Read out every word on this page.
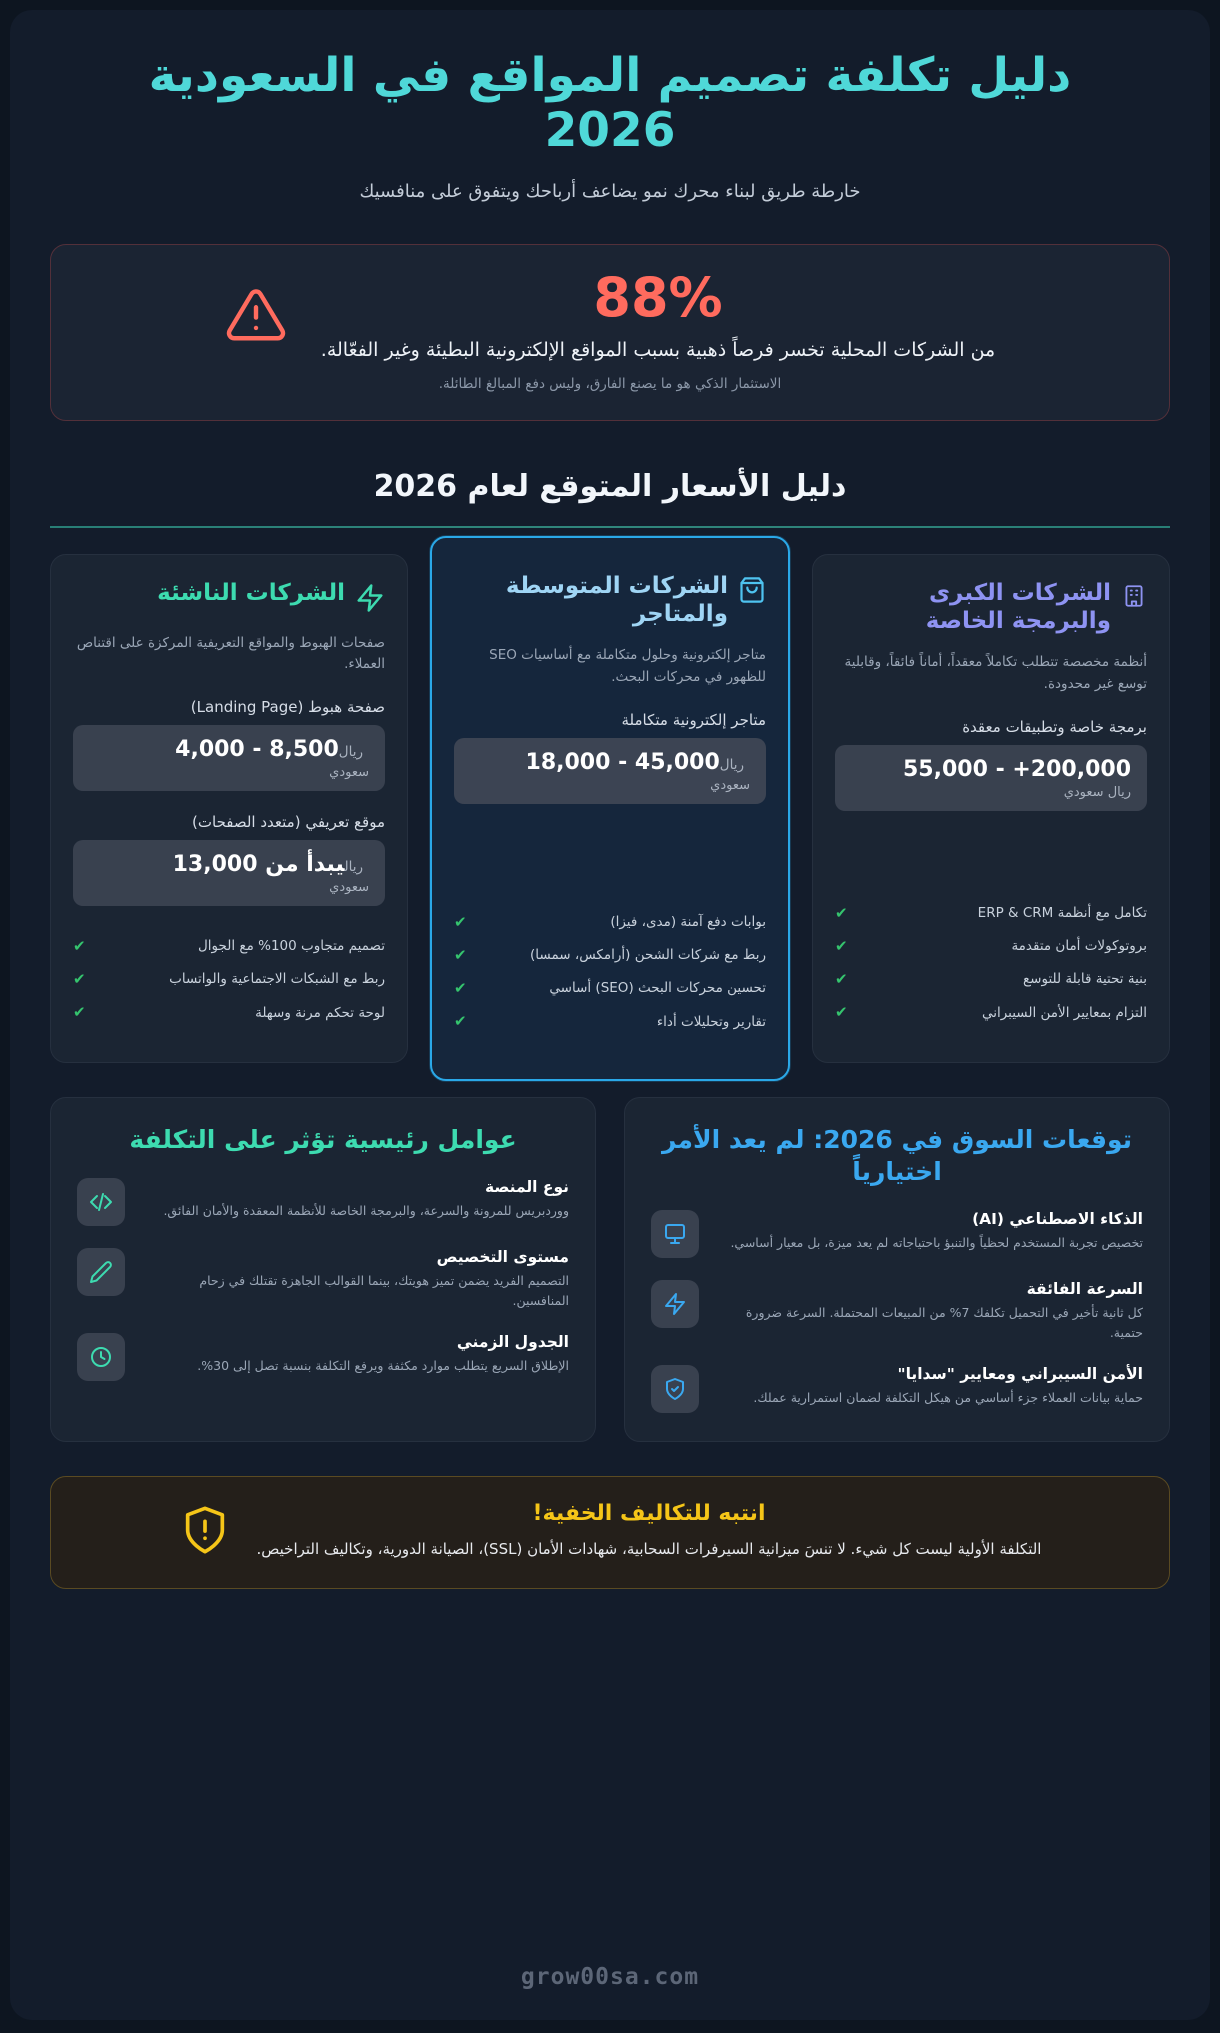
دليل تكلفة تصميم المواقع في السعودية 2026
خارطة طريق لبناء محرك نمو يضاعف أرباحك ويتفوق على منافسيك
88%
من الشركات المحلية تخسر فرصاً ذهبية بسبب المواقع الإلكترونية البطيئة وغير الفعّالة.
الاستثمار الذكي هو ما يصنع الفارق، وليس دفع المبالغ الطائلة.
دليل الأسعار المتوقع لعام 2026
الشركات الناشئة
صفحات الهبوط والمواقع التعريفية المركزة على اقتناص العملاء.
صفحة هبوط (Landing Page)
ريال8,500 - 4,000
سعودي
موقع تعريفي (متعدد الصفحات)
رياليبدأ من 13,000
سعودي
✔	تصميم متجاوب 100% مع الجوال
✔	ربط مع الشبكات الاجتماعية والواتساب
✔	لوحة تحكم مرنة وسهلة
الشركات المتوسطة والمتاجر
متاجر إلكترونية وحلول متكاملة مع أساسيات SEO للظهور في محركات البحث.
متاجر إلكترونية متكاملة
ريال45,000 - 18,000
سعودي
✔	بوابات دفع آمنة (مدى، فيزا)
✔	ربط مع شركات الشحن (أرامكس، سمسا)
✔	تحسين محركات البحث (SEO) أساسي
✔	تقارير وتحليلات أداء
الشركات الكبرى والبرمجة الخاصة
أنظمة مخصصة تتطلب تكاملاً معقداً، أماناً فائقاً، وقابلية توسع غير محدودة.
برمجة خاصة وتطبيقات معقدة
200,000+ - 55,000
ريال سعودي
✔	تكامل مع أنظمة ERP & CRM
✔	بروتوكولات أمان متقدمة
✔	بنية تحتية قابلة للتوسع
✔	التزام بمعايير الأمن السيبراني
عوامل رئيسية تؤثر على التكلفة
نوع المنصة
ووردبريس للمرونة والسرعة، والبرمجة الخاصة للأنظمة المعقدة والأمان الفائق.
مستوى التخصيص
التصميم الفريد يضمن تميز هويتك، بينما القوالب الجاهزة تقتلك في زحام المنافسين.
الجدول الزمني
الإطلاق السريع يتطلب موارد مكثفة ويرفع التكلفة بنسبة تصل إلى 30%.
توقعات السوق في 2026: لم يعد الأمر اختيارياً
الذكاء الاصطناعي (AI)
تخصيص تجربة المستخدم لحظياً والتنبؤ باحتياجاته لم يعد ميزة، بل معيار أساسي.
السرعة الفائقة
كل ثانية تأخير في التحميل تكلفك 7% من المبيعات المحتملة. السرعة ضرورة حتمية.
الأمن السيبراني ومعايير "سدايا"
حماية بيانات العملاء جزء أساسي من هيكل التكلفة لضمان استمرارية عملك.
انتبه للتكاليف الخفية!
التكلفة الأولية ليست كل شيء. لا تنسَ ميزانية السيرفرات السحابية، شهادات الأمان (SSL)، الصيانة الدورية، وتكاليف التراخيص.
grow00sa.com
